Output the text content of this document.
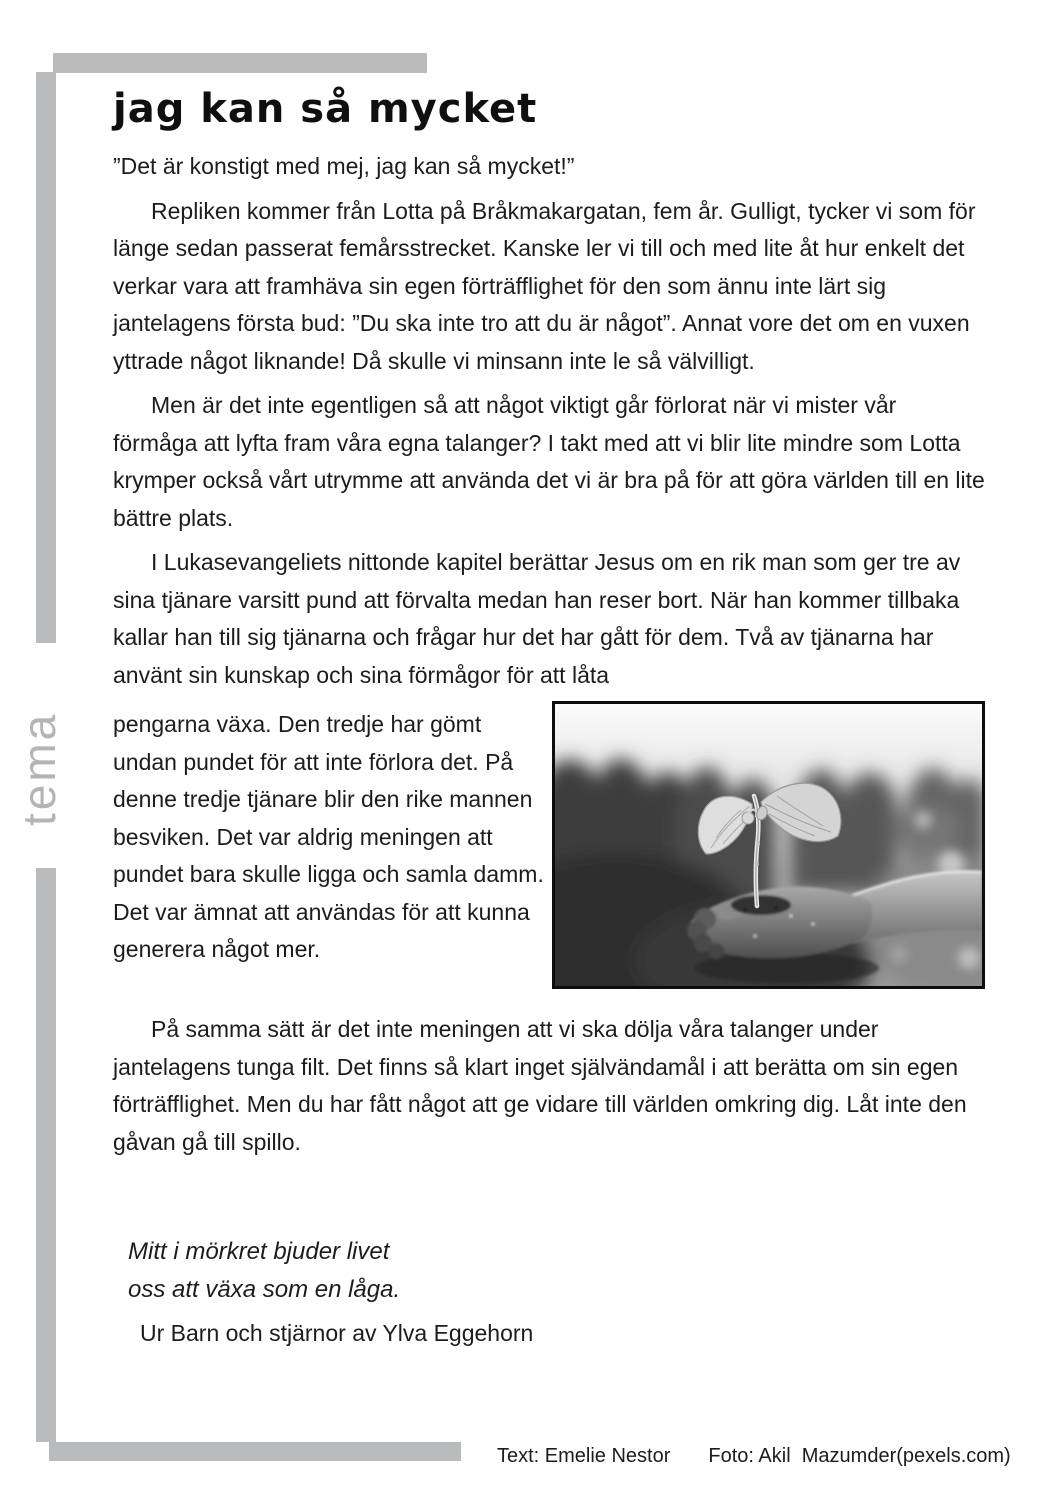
tema
jag kan så mycket

”Det är konstigt med mej, jag kan så mycket!”

Repliken kommer från Lotta på Bråkmakargatan, fem år. Gulligt, tycker vi som för länge sedan passerat femårsstrecket. Kanske ler vi till och med lite åt hur enkelt det verkar vara att framhäva sin egen förträfflighet för den som ännu inte lärt sig jantelagens första bud: ”Du ska inte tro att du är något”. Annat vore det om en vuxen yttrade något liknande! Då skulle vi minsann inte le så välvilligt.

Men är det inte egentligen så att något viktigt går förlorat när vi mister vår förmåga att lyfta fram våra egna talanger? I takt med att vi blir lite mindre som Lotta krymper också vårt utrymme att använda det vi är bra på för att göra världen till en lite bättre plats.

I Lukasevangeliets nittonde kapitel berättar Jesus om en rik man som ger tre av sina tjänare varsitt pund att förvalta medan han reser bort. När han kommer tillbaka kallar han till sig tjänarna och frågar hur det har gått för dem. Två av tjänarna har använt sin kunskap och sina förmågor för att låta

pengarna växa. Den tredje har gömt undan pundet för att inte förlora det. På denne tredje tjänare blir den rike mannen besviken. Det var aldrig meningen att pundet bara skulle ligga och samla damm. Det var ämnat att användas för att kunna generera något mer.

På samma sätt är det inte meningen att vi ska dölja våra talanger under jantelagens tunga filt. Det finns så klart inget självändamål i att berätta om sin egen förträfflighet. Men du har fått något att ge vidare till världen omkring dig. Låt inte den gåvan gå till spillo.

Mitt i mörkret bjuder livet
oss att växa som en låga.
Ur Barn och stjärnor av Ylva Eggehorn
Text: Emelie Nestor Foto: Akil  Mazumder(pexels.com)
